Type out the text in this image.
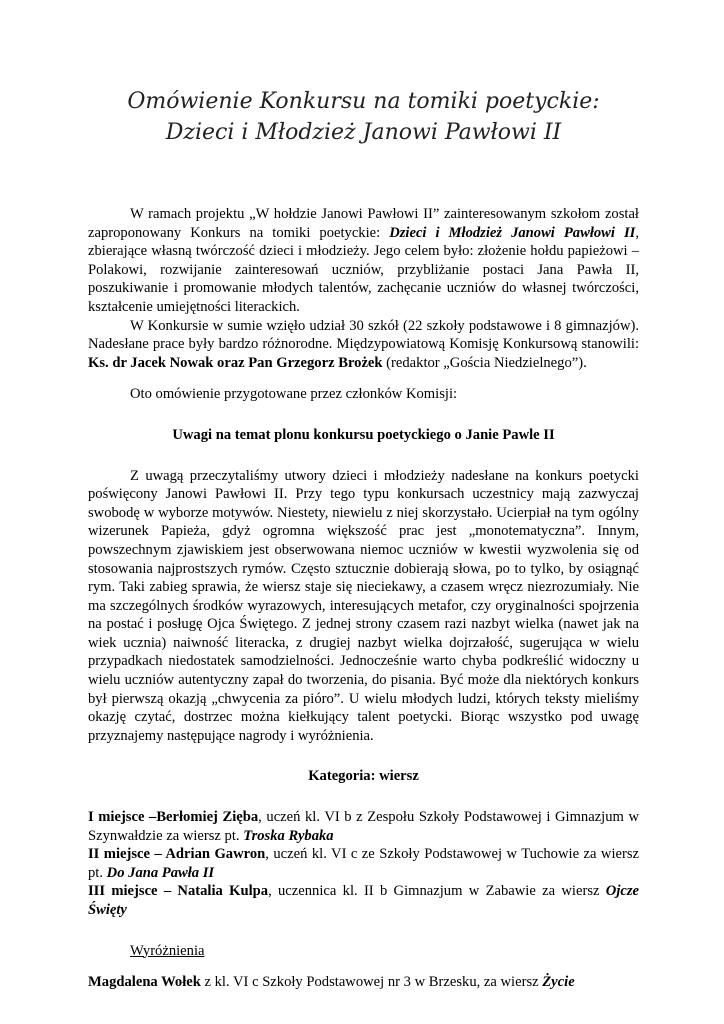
Omówienie Konkursu na tomiki poetyckie:
Dzieci i Młodzież Janowi Pawłowi II

W ramach projektu „W hołdzie Janowi Pawłowi II” zainteresowanym szkołom został zaproponowany Konkurs na tomiki poetyckie: Dzieci i Młodzież Janowi Pawłowi II, zbierające własną twórczość dzieci i młodzieży. Jego celem było: złożenie hołdu papieżowi – Polakowi, rozwijanie zainteresowań uczniów, przybliżanie postaci Jana Pawła II, poszukiwanie i promowanie młodych talentów, zachęcanie uczniów do własnej twórczości, kształcenie umiejętności literackich.

W Konkursie w sumie wzięło udział 30 szkół (22 szkoły podstawowe i 8 gimnazjów). Nadesłane prace były bardzo różnorodne. Międzypowiatową Komisję Konkursową stanowili: Ks. dr Jacek Nowak oraz Pan Grzegorz Brożek (redaktor „Gościa Niedzielnego”).

Oto omówienie przygotowane przez członków Komisji:

Uwagi na temat plonu konkursu poetyckiego o Janie Pawle II

Z uwagą przeczytaliśmy utwory dzieci i młodzieży nadesłane na konkurs poetycki poświęcony Janowi Pawłowi II. Przy tego typu konkursach uczestnicy mają zazwyczaj swobodę w wyborze motywów. Niestety, niewielu z niej skorzystało. Ucierpiał na tym ogólny wizerunek Papieża, gdyż ogromna większość prac jest „monotematyczna”. Innym, powszechnym zjawiskiem jest obserwowana niemoc uczniów w kwestii wyzwolenia się od stosowania najprostszych rymów. Często sztucznie dobierają słowa, po to tylko, by osiągnąć rym. Taki zabieg sprawia, że wiersz staje się nieciekawy, a czasem wręcz niezrozumiały. Nie ma szczególnych środków wyrazowych, interesujących metafor, czy oryginalności spojrzenia na postać i posługę Ojca Świętego. Z jednej strony czasem razi nazbyt wielka (nawet jak na wiek ucznia) naiwność literacka, z drugiej nazbyt wielka dojrzałość, sugerująca w wielu przypadkach niedostatek samodzielności. Jednocześnie warto chyba podkreślić widoczny u wielu uczniów autentyczny zapał do tworzenia, do pisania. Być może dla niektórych konkurs był pierwszą okazją „chwycenia za pióro”. U wielu młodych ludzi, których teksty mieliśmy okazję czytać, dostrzec można kiełkujący talent poetycki. Biorąc wszystko pod uwagę przyznajemy następujące nagrody i wyróżnienia.

Kategoria: wiersz

I miejsce –Berłomiej Zięba, uczeń kl. VI b z Zespołu Szkoły Podstawowej i Gimnazjum w Szynwałdzie za wiersz pt. Troska Rybaka

II miejsce – Adrian Gawron, uczeń kl. VI c ze Szkoły Podstawowej w Tuchowie za wiersz pt. Do Jana Pawła II

III miejsce – Natalia Kulpa, uczennica kl. II b Gimnazjum w Zabawie za wiersz Ojcze Święty

Wyróżnienia

Magdalena Wołek z kl. VI c Szkoły Podstawowej nr 3 w Brzesku, za wiersz Życie
